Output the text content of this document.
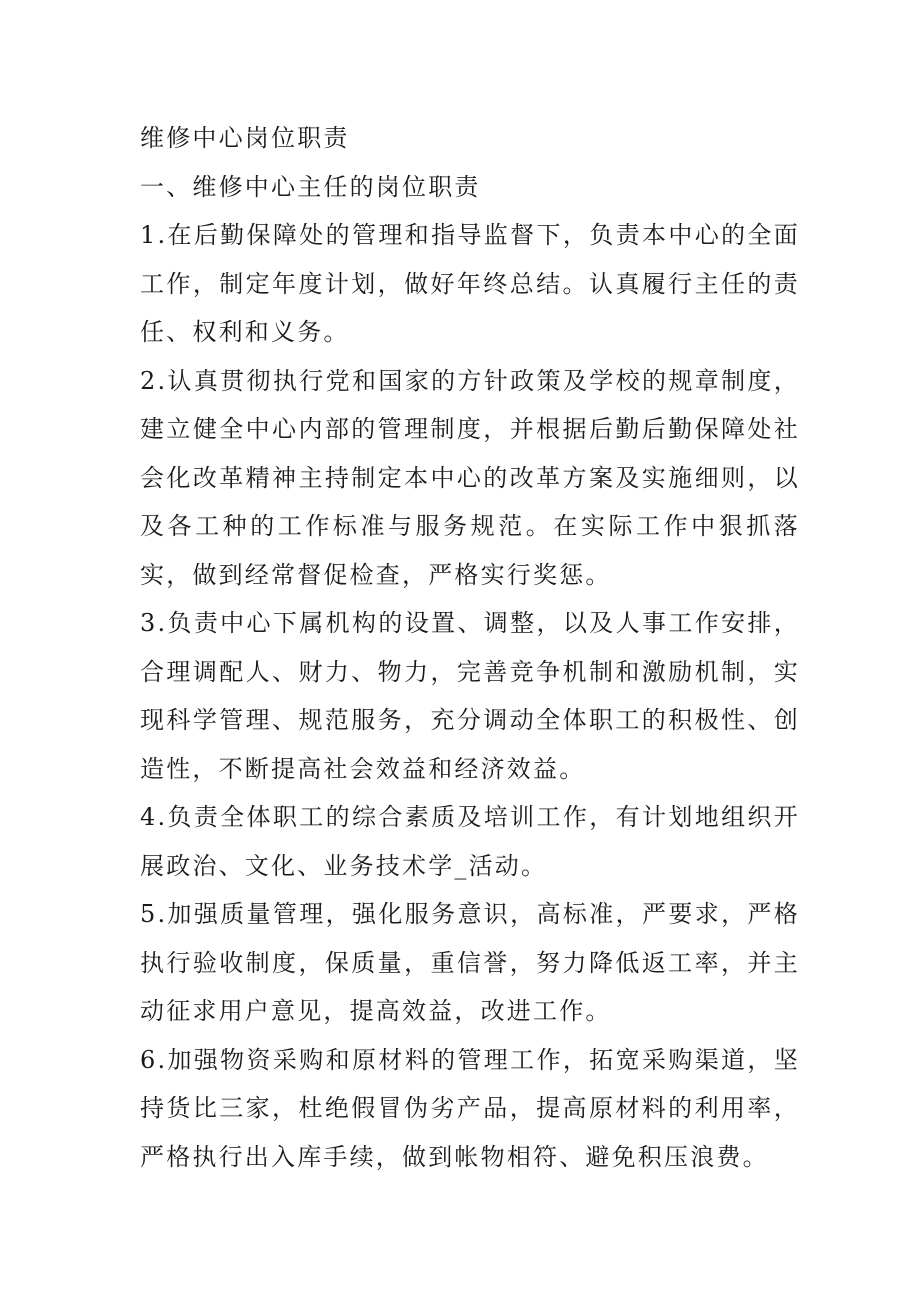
维修中心岗位职责

一、维修中心主任的岗位职责

1.在后勤保障处的管理和指导监督下，负责本中心的全面工作，制定年度计划，做好年终总结。认真履行主任的责任、权利和义务。

2.认真贯彻执行党和国家的方针政策及学校的规章制度，建立健全中心内部的管理制度，并根据后勤后勤保障处社会化改革精神主持制定本中心的改革方案及实施细则，以及各工种的工作标准与服务规范。在实际工作中狠抓落实，做到经常督促检查，严格实行奖惩。

3.负责中心下属机构的设置、调整，以及人事工作安排，合理调配人、财力、物力，完善竞争机制和激励机制，实现科学管理、规范服务，充分调动全体职工的积极性、创造性，不断提高社会效益和经济效益。

4.负责全体职工的综合素质及培训工作，有计划地组织开展政治、文化、业务技术学_活动。

5.加强质量管理，强化服务意识，高标准，严要求，严格执行验收制度，保质量，重信誉，努力降低返工率，并主动征求用户意见，提高效益，改进工作。

6.加强物资采购和原材料的管理工作，拓宽采购渠道，坚持货比三家，杜绝假冒伪劣产品，提高原材料的利用率，严格执行出入库手续，做到帐物相符、避免积压浪费。
